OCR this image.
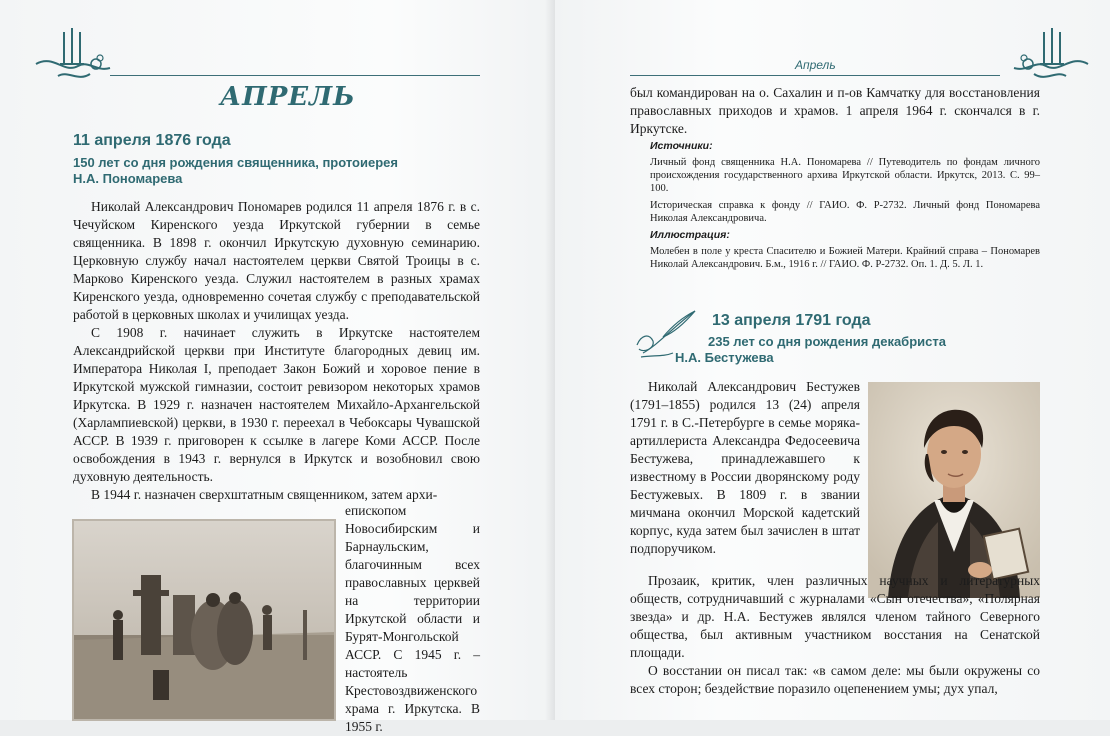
АПРЕЛЬ
11 апреля 1876 года
150 лет со дня рождения священника, протоиерея
Н.А. Пономарева

Николай Александрович Пономарев родился 11 апреля 1876 г. в с. Чечуйском Киренского уезда Иркутской губернии в семье священника. В 1898 г. окончил Иркутскую духовную семинарию. Церковную службу начал настоятелем церкви Святой Троицы в с. Марково Киренского уезда. Служил настоятелем в разных храмах Киренского уезда, одновременно сочетая службу с преподавательской работой в церковных школах и училищах уезда.

С 1908 г. начинает служить в Иркутске настоятелем Александрийской церкви при Институте благородных девиц им. Императора Николая I, преподает Закон Божий и хоровое пение в Иркутской мужской гимназии, состоит ревизором некоторых храмов Иркутска. В 1929 г. назначен настоятелем Михайло-Архангельской (Харлампиевской) церкви, в 1930 г. переехал в Чебоксары Чувашской АССР. В 1939 г. приговорен к ссылке в лагере Коми АССР. После освобождения в 1943 г. вернулся в Иркутск и возобновил свою духовную деятельность.

В 1944 г. назначен сверхштатным священником, затем архи-

епископом Новосибирским и Барнаульским, благочинным всех православных церквей на территории Иркутской области и Бурят-Монгольской АССР. С 1945 г. – настоятель Крестовоздвиженского храма г. Иркутска. В 1955 г.

Апрель

был командирован на о. Сахалин и п-ов Камчатку для восстановления православных приходов и храмов. 1 апреля 1964 г. скончался в г. Иркутске.

Источники:

Личный фонд священника Н.А. Пономарева // Путеводитель по фондам личного происхождения государственного архива Иркутской области. Иркутск, 2013. С. 99–100.

Историческая справка к фонду // ГАИО. Ф. Р-2732. Личный фонд Пономарева Николая Александровича.

Иллюстрация:

Молебен в поле у креста Спасителю и Божией Матери. Крайний справа – Пономарев Николай Александрович. Б.м., 1916 г. // ГАИО. Ф. Р-2732. Оп. 1. Д. 5. Л. 1.

13 апреля 1791 года
235 лет со дня рождения декабриста
Н.А. Бестужева

Николай Александрович Бестужев (1791–1855) родился 13 (24) апреля 1791 г. в С.-Петербурге в семье моряка-артиллериста Александра Федосеевича Бестужева, принадлежавшего к известному в России дворянскому роду Бестужевых. В 1809 г. в звании мичмана окончил Морской кадетский корпус, куда затем был зачислен в штат подпоручиком.

Прозаик, критик, член различных научных и литературных обществ, сотрудничавший с журналами «Сын отечества», «Полярная звезда» и др. Н.А. Бестужев являлся членом тайного Северного общества, был активным участником восстания на Сенатской площади.

О восстании он писал так: «в самом деле: мы были окружены со всех сторон; бездействие поразило оцепенением умы; дух упал,
